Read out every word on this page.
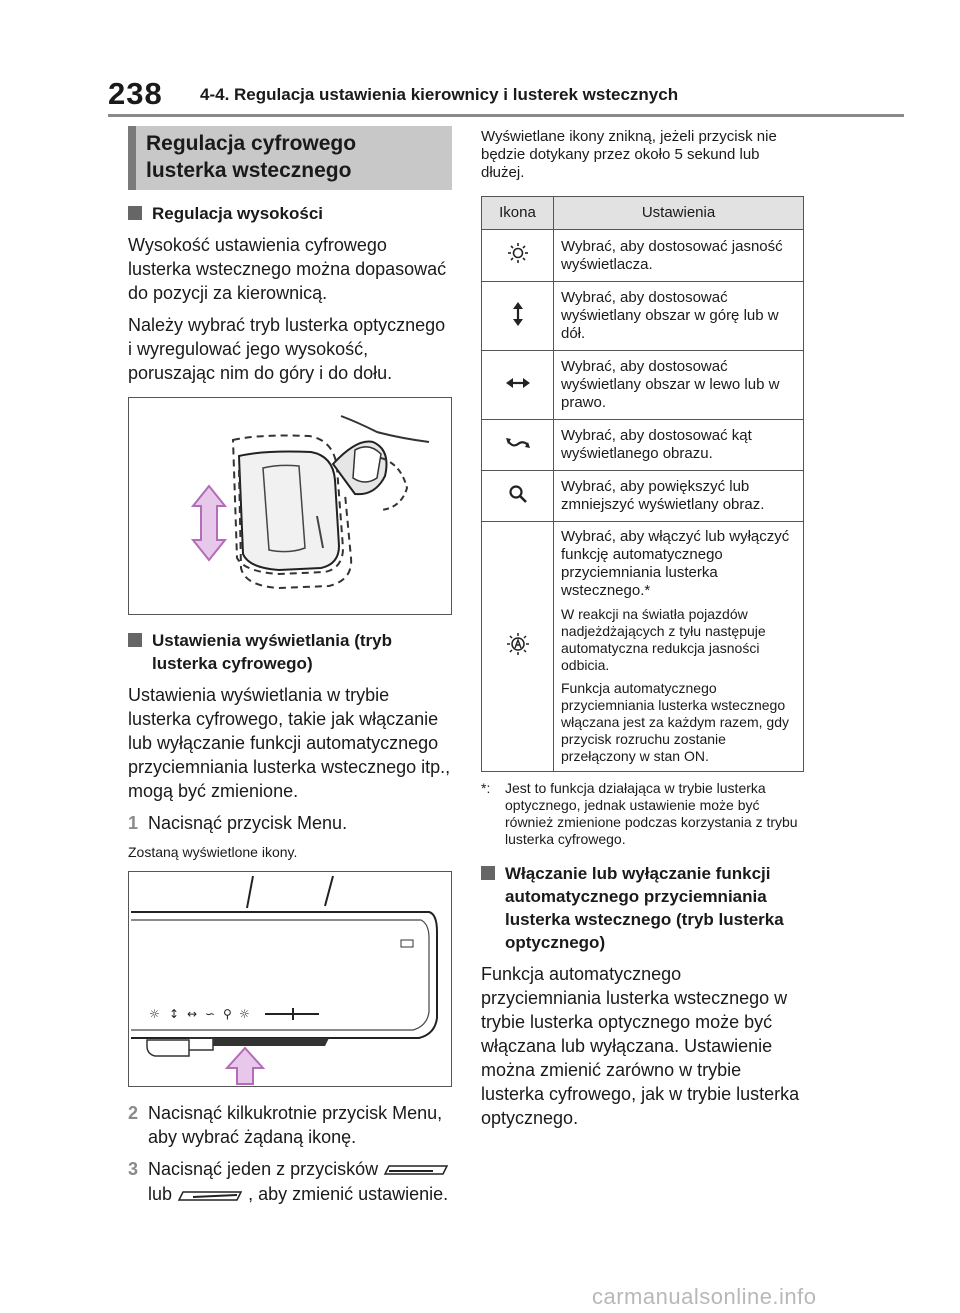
238 4-4. Regulacja ustawienia kierownicy i lusterek wstecznych
Regulacja cyfrowego lusterka wstecznego
Regulacja wysokości

Wysokość ustawienia cyfrowego lusterka wstecznego można dopasować do pozycji za kierownicą.

Należy wybrać tryb lusterka optycznego i wyregulować jego wysokość, poruszając nim do góry i do dołu.

Ustawienia wyświetlania (tryb lusterka cyfrowego)

Ustawienia wyświetlania w trybie lusterka cyfrowego, takie jak włączanie lub wyłączanie funkcji automatycznego przyciemniania lusterka wstecznego itp., mogą być zmienione.

1 Nacisnąć przycisk Menu.

Zostaną wyświetlone ikony.

☼ ↕ ↔ ∽ ⚲ ☼
2 Nacisnąć kilkukrotnie przycisk Menu, aby wybrać żądaną ikonę.
3 Nacisnąć jeden z przycisków  lub	, aby zmienić ustawienie.

Wyświetlane ikony znikną, jeżeli przycisk nie będzie dotykany przez około 5 sekund lub dłużej.

Ikona	Ustawienia
	Wybrać, aby dostosować jasność wyświetlacza.
	Wybrać, aby dostosować wyświetlany obszar w górę lub w dół.
	Wybrać, aby dostosować wyświetlany obszar w lewo lub w prawo.
	Wybrać, aby dostosować kąt wyświetlanego obrazu.
	Wybrać, aby powiększyć lub zmniejszyć wyświetlany obraz.

Wybrać, aby włączyć lub wyłączyć funkcję automatycznego przyciemniania lusterka wstecznego.*
W reakcji na światła pojazdów nadjeżdżających z tyłu następuje automatyczna redukcja jasności odbicia.
Funkcja automatycznego przyciemniania lusterka wstecznego włączana jest za każdym razem, gdy przycisk rozruchu zostanie przełączony w stan ON.
*: Jest to funkcja działająca w trybie lusterka optycznego, jednak ustawienie może być również zmienione podczas korzystania z trybu lusterka cyfrowego.
Włączanie lub wyłączanie funkcji automatycznego przyciemniania lusterka wstecznego (tryb lusterka optycznego)

Funkcja automatycznego przyciemniania lusterka wstecznego w trybie lusterka optycznego może być włączana lub wyłączana. Ustawienie można zmienić zarówno w trybie lusterka cyfrowego, jak w trybie lusterka optycznego.

carmanualsonline.info
